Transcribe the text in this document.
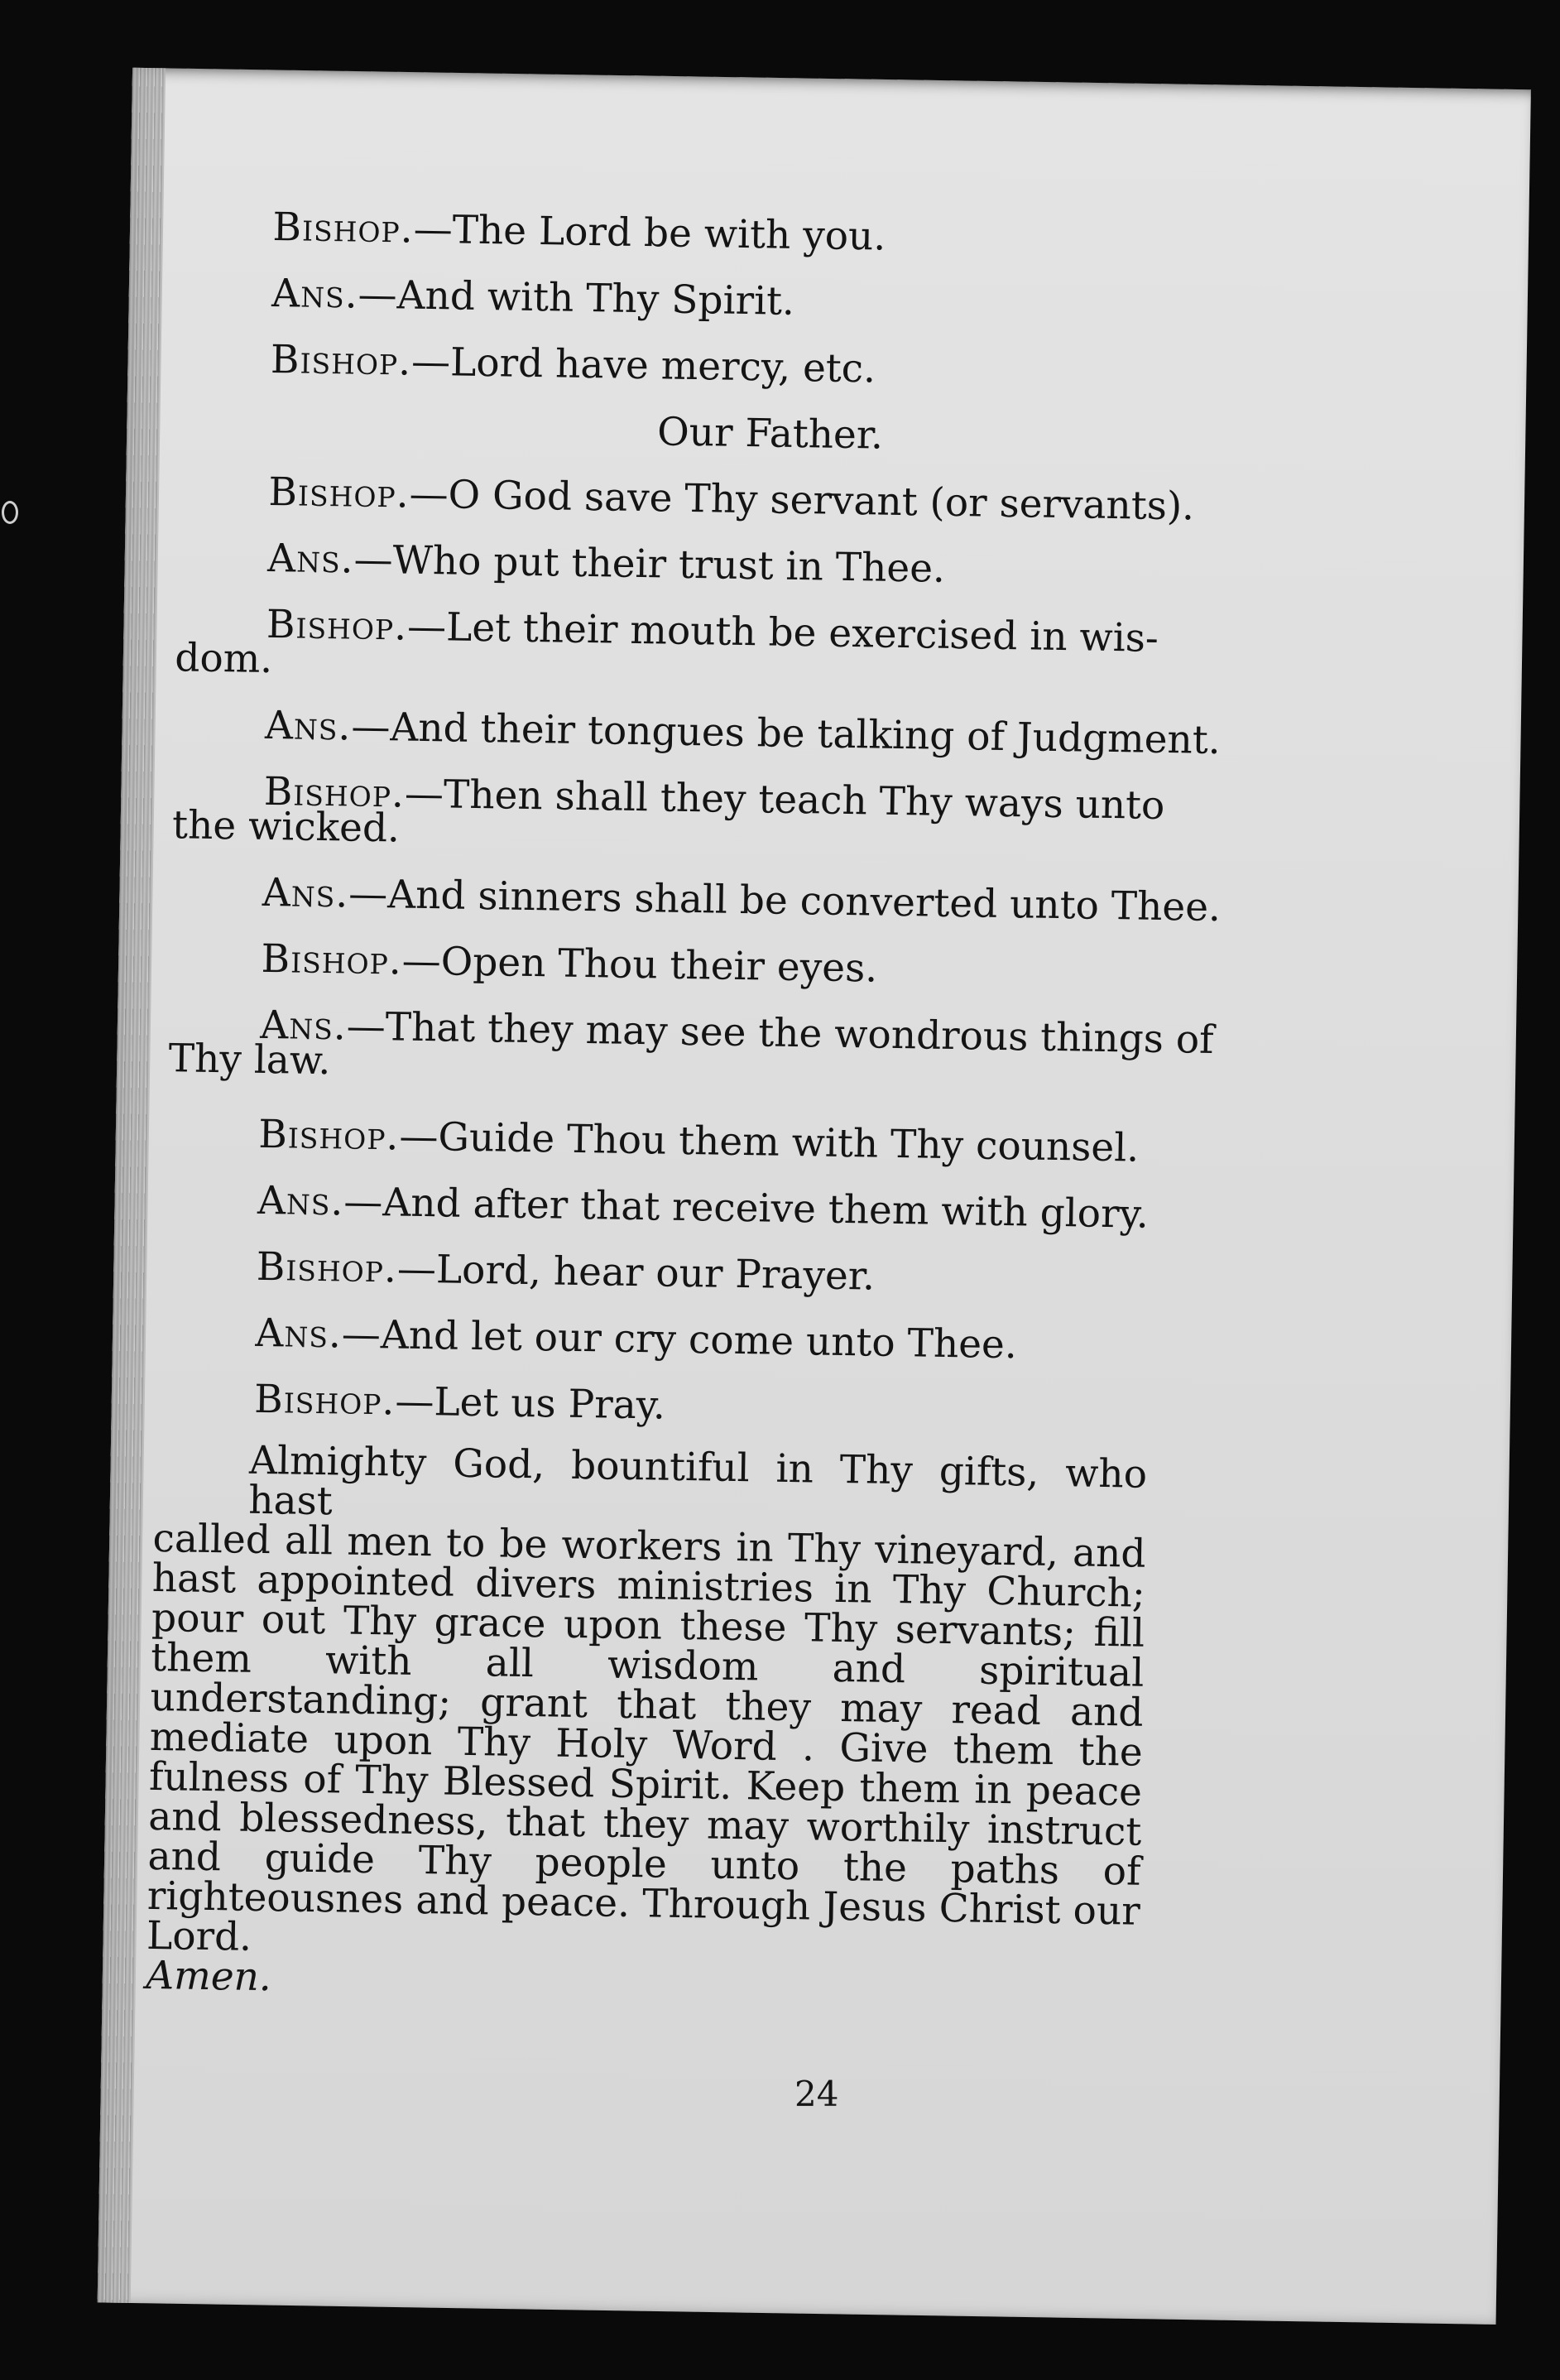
Bishop.—The Lord be with you.
Ans.—And with Thy Spirit.
Bishop.—Lord have mercy, etc.
Our Father.
Bishop.—O God save Thy servant (or servants).
Ans.—Who put their trust in Thee.
Bishop.—Let their mouth be exercised in wis-
dom.
Ans.—And their tongues be talking of Judgment.
Bishop.—Then shall they teach Thy ways unto
the wicked.
Ans.—And sinners shall be converted unto Thee.
Bishop.—Open Thou their eyes.
Ans.—That they may see the wondrous things of
Thy law.
Bishop.—Guide Thou them with Thy counsel.
Ans.—And after that receive them with glory.
Bishop.—Lord, hear our Prayer.
Ans.—And let our cry come unto Thee.
Bishop.—Let us Pray.
Almighty God, bountiful in Thy gifts, who hast
called all men to be workers in Thy vineyard, and hast appointed divers ministries in Thy Church; pour out Thy grace upon these Thy servants; fill them with all wisdom and spiritual understanding; grant that they may read and mediate upon Thy Holy Word . Give them the fulness of Thy Blessed Spirit. Keep them in peace and blessedness, that they may worthily instruct and guide Thy people unto the paths of righteousnes and peace. Through Jesus Christ our Lord.
Amen.
24
